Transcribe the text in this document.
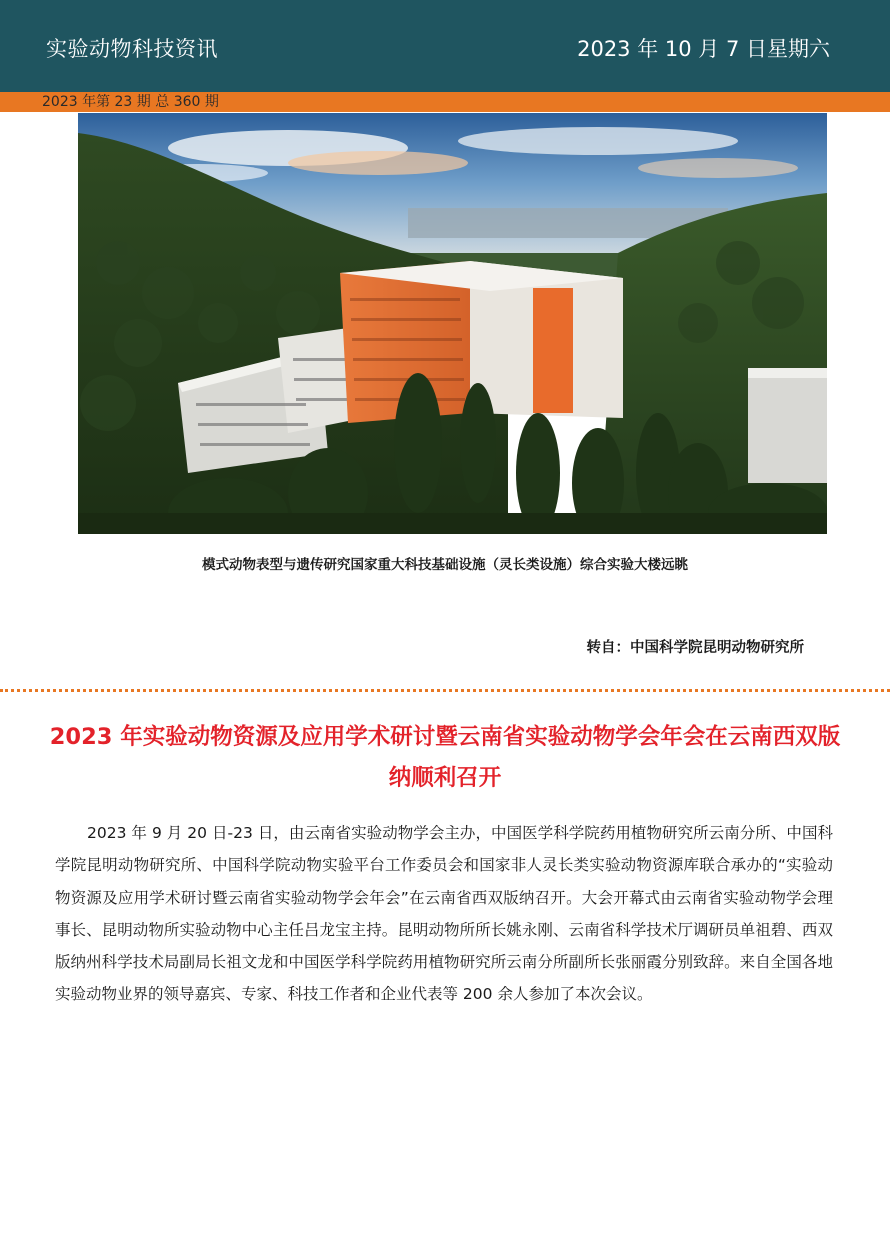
实验动物科技资讯	2023 年 10 月 7 日星期六
2023 年第 23 期 总 360 期
模式动物表型与遗传研究国家重大科技基础设施（灵长类设施）综合实验大楼远眺
转自：中国科学院昆明动物研究所
2023 年实验动物资源及应用学术研讨暨云南省实验动物学会年会在云南西双版纳顺利召开

2023 年 9 月 20 日-23 日，由云南省实验动物学会主办，中国医学科学院药用植物研究所云南分所、中国科学院昆明动物研究所、中国科学院动物实验平台工作委员会和国家非人灵长类实验动物资源库联合承办的“实验动物资源及应用学术研讨暨云南省实验动物学会年会”在云南省西双版纳召开。大会开幕式由云南省实验动物学会理事长、昆明动物所实验动物中心主任吕龙宝主持。昆明动物所所长姚永刚、云南省科学技术厅调研员单祖碧、西双版纳州科学技术局副局长祖文龙和中国医学科学院药用植物研究所云南分所副所长张丽霞分别致辞。来自全国各地实验动物业界的领导嘉宾、专家、科技工作者和企业代表等 200 余人参加了本次会议。
